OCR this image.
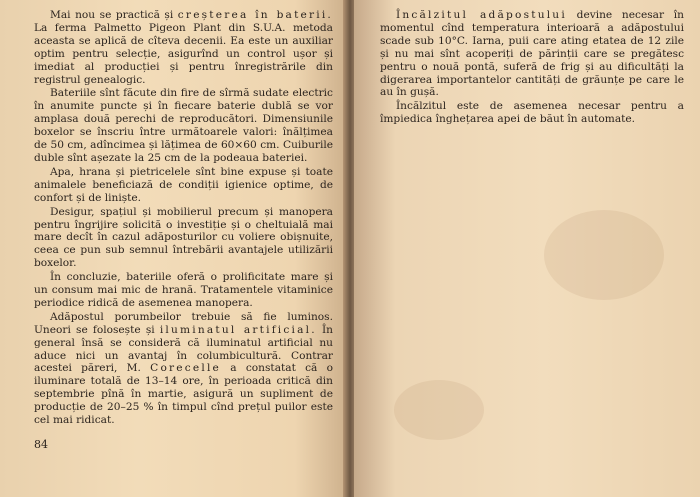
Mai nou se practică și creșterea în baterii. La ferma Palmetto Pigeon Plant din S.U.A. metoda aceasta se aplică de cîteva decenii. Ea este un auxiliar optim pentru selecție, asigurînd un control ușor și imediat al producției și pentru înregistrările din registrul genealogic.

Bateriile sînt făcute din fire de sîrmă sudate electric în anumite puncte și în fiecare baterie dublă se vor amplasa două perechi de reproducători. Dimensiunile boxelor se înscriu între următoarele valori: înălțimea de 50 cm, adîncimea și lățimea de 60×60 cm. Cuiburile duble sînt așezate la 25 cm de la podeaua bateriei.

Apa, hrana și pietricelele sînt bine expuse și toate animalele beneficiază de condiții igienice optime, de confort și de liniște.

Desigur, spațiul și mobilierul precum și manopera pentru îngrijire solicită o investiție și o cheltuială mai mare decît în cazul adăposturilor cu voliere obișnuite, ceea ce pun sub semnul întrebării avantajele utilizării boxelor.

În concluzie, bateriile oferă o prolificitate mare și un consum mai mic de hrană. Tratamentele vitaminice periodice ridică de asemenea manopera.

Adăpostul porumbeilor trebuie să fie luminos. Uneori se folosește și iluminatul artificial. În general însă se consideră că iluminatul artificial nu aduce nici un avantaj în columbicultură. Contrar acestei păreri, M. Corecelle a constatat că o iluminare totală de 13–14 ore, în perioada critică din septembrie pînă în martie, asigură un supliment de producție de 20–25 % în timpul cînd prețul puilor este cel mai ridicat.

84

Încălzitul adăpostului devine necesar în momentul cînd temperatura interioară a adăpostului scade sub 10°C. Iarna, puii care ating etatea de 12 zile și nu mai sînt acoperiți de părinții care se pregătesc pentru o nouă pontă, suferă de frig și au dificultăți la digerarea importantelor cantități de grăunțe pe care le au în gușă.

Încălzitul este de asemenea necesar pentru a împiedica înghețarea apei de băut în automate.
